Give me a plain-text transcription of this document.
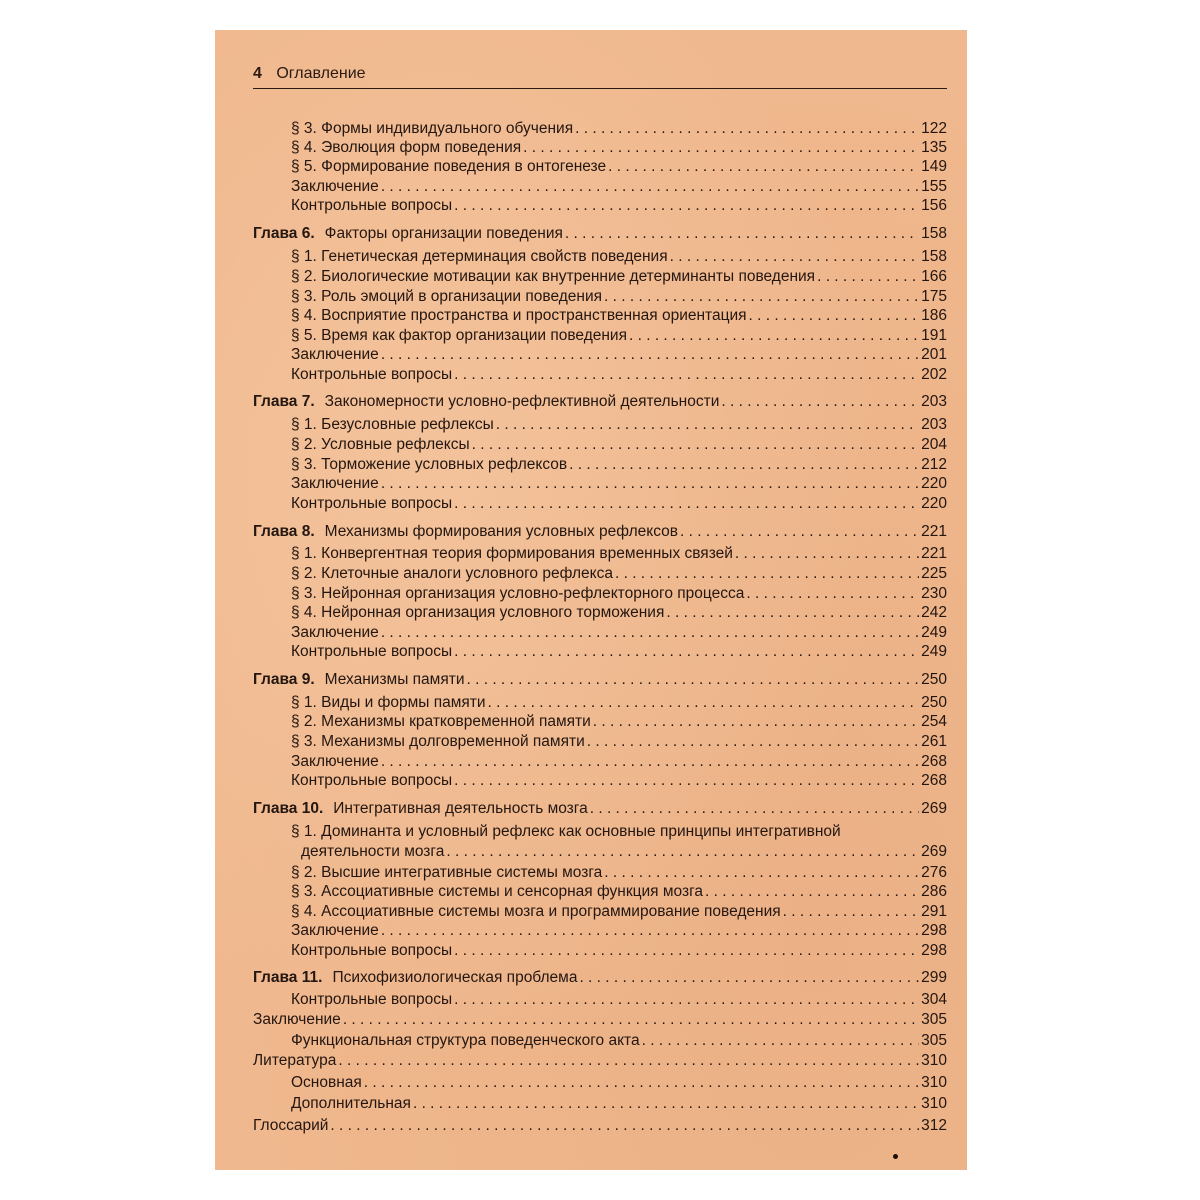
4 Оглавление
§ 3. Формы индивидуального обучения . . .	122
§ 4. Эволюция форм поведения . . .	135
§ 5. Формирование поведения в онтогенезе . . .	149
Заключение . . .	155
Контрольные вопросы . . .	156
Глава 6. Факторы организации поведения . . .	158
§ 1. Генетическая детерминация свойств поведения . . .	158
§ 2. Биологические мотивации как внутренние детерминанты поведения . . .	166
§ 3. Роль эмоций в организации поведения . . .	175
§ 4. Восприятие пространства и пространственная ориентация . . .	186
§ 5. Время как фактор организации поведения . . .	191
Заключение . . .	201
Контрольные вопросы . . .	202
Глава 7. Закономерности условно-рефлективной деятельности . . .	203
§ 1. Безусловные рефлексы . . .	203
§ 2. Условные рефлексы . . .	204
§ 3. Торможение условных рефлексов . . .	212
Заключение . . .	220
Контрольные вопросы . . .	220
Глава 8. Механизмы формирования условных рефлексов . . .	221
§ 1. Конвергентная теория формирования временных связей . . .	221
§ 2. Клеточные аналоги условного рефлекса . . .	225
§ 3. Нейронная организация условно-рефлекторного процесса . . .	230
§ 4. Нейронная организация условного торможения . . .	242
Заключение . . .	249
Контрольные вопросы . . .	249
Глава 9. Механизмы памяти . . .	250
§ 1. Виды и формы памяти . . .	250
§ 2. Механизмы кратковременной памяти . . .	254
§ 3. Механизмы долговременной памяти . . .	261
Заключение . . .	268
Контрольные вопросы . . .	268
Глава 10. Интегративная деятельность мозга . . .	269
§ 1. Доминанта и условный рефлекс как основные принципы интегративной
деятельности мозга . . .	269
§ 2. Высшие интегративные системы мозга . . .	276
§ 3. Ассоциативные системы и сенсорная функция мозга . . .	286
§ 4. Ассоциативные системы мозга и программирование поведения . . .	291
Заключение . . .	298
Контрольные вопросы . . .	298
Глава 11. Психофизиологическая проблема . . .	299
Контрольные вопросы . . .	304
Заключение . . .	305
Функциональная структура поведенческого акта . . .	305
Литература . . .	310
Основная . . .	310
Дополнительная . . .	310
Глоссарий . . .	312
